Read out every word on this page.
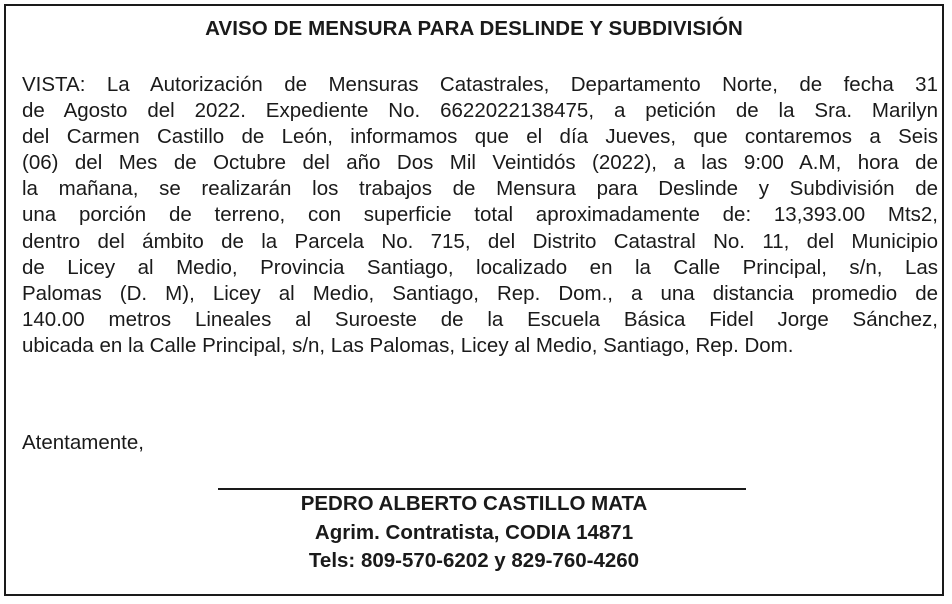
AVISO DE MENSURA PARA DESLINDE Y SUBDIVISIÓN
VISTA: La Autorización de Mensuras Catastrales, Departamento Norte, de fecha 31
de Agosto del 2022. Expediente No. 6622022138475, a petición de la Sra. Marilyn
del Carmen Castillo de León, informamos que el día Jueves, que contaremos a Seis
(06) del Mes de Octubre del año Dos Mil Veintidós (2022), a las 9:00 A.M, hora de
la mañana, se realizarán los trabajos de Mensura para Deslinde y Subdivisión de
una porción de terreno, con superficie total aproximadamente de: 13,393.00 Mts2,
dentro del ámbito de la Parcela No. 715, del Distrito Catastral No. 11, del Municipio
de Licey al Medio, Provincia Santiago, localizado en la Calle Principal, s/n, Las
Palomas (D. M), Licey al Medio, Santiago, Rep. Dom., a una distancia promedio de
140.00 metros Lineales al Suroeste de la Escuela Básica Fidel Jorge Sánchez,
ubicada en la Calle Principal, s/n, Las Palomas, Licey al Medio, Santiago, Rep. Dom.
Atentamente,
PEDRO ALBERTO CASTILLO MATA
Agrim. Contratista, CODIA 14871
Tels: 809-570-6202 y 829-760-4260
